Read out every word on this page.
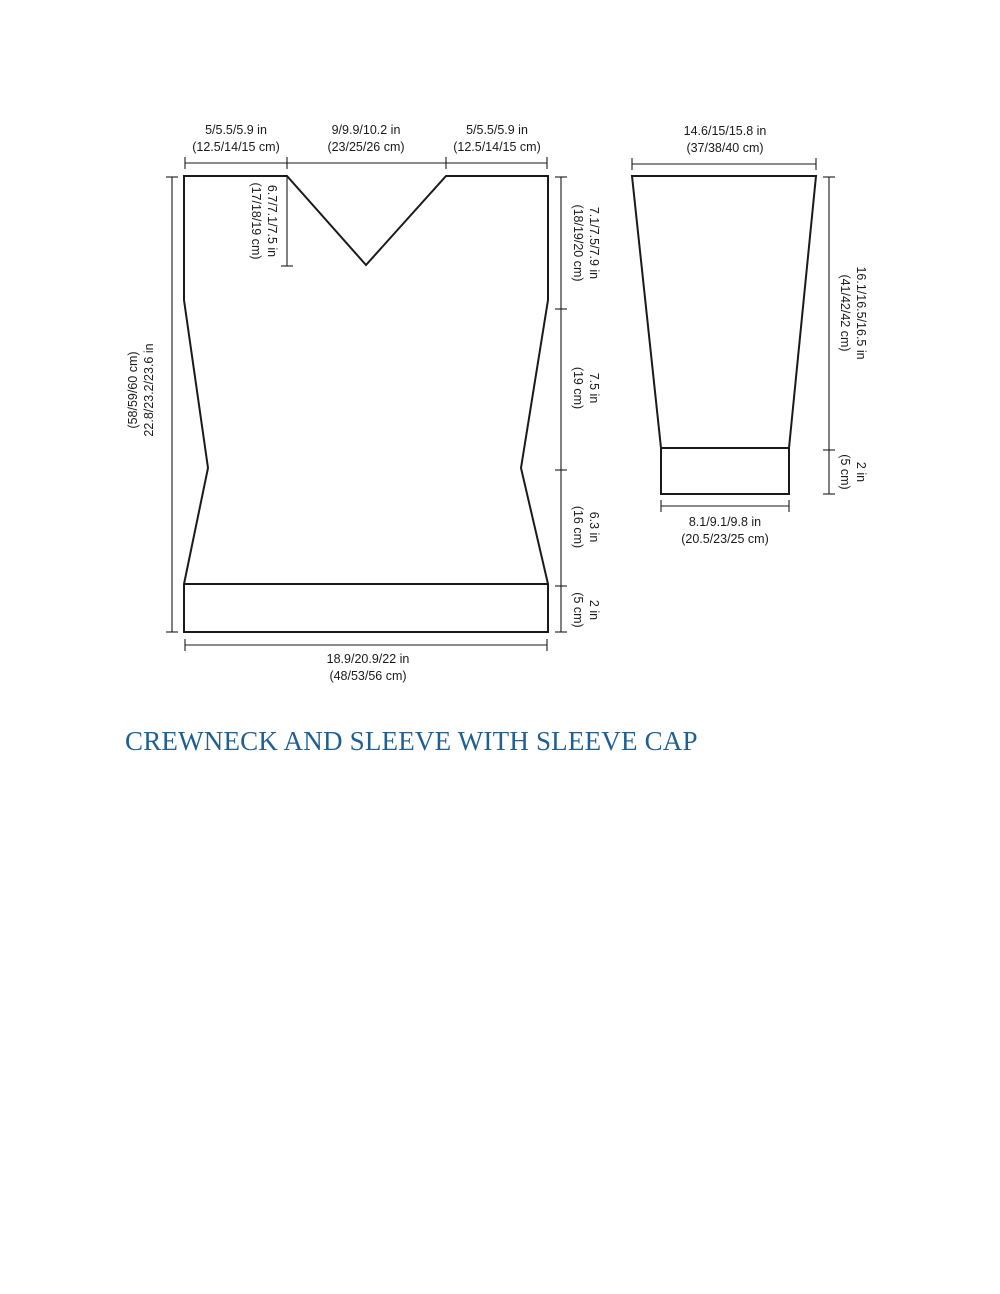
5/5.5/5.9 in
(12.5/14/15 cm)
9/9.9/10.2 in
(23/25/26 cm)
5/5.5/5.9 in
(12.5/14/15 cm)
6.7/7.1/7.5 in
(17/18/19 cm)
22.8/23.2/23.6 in
(58/59/60 cm)
7.1/7.5/7.9 in
(18/19/20 cm)
7.5 in
(19 cm)
6.3 in
(16 cm)
2 in
(5 cm)
18.9/20.9/22 in
(48/53/56 cm)
14.6/15/15.8 in
(37/38/40 cm)
16.1/16.5/16.5 in
(41/42/42 cm)
2 in
(5 cm)
8.1/9.1/9.8 in
(20.5/23/25 cm)
CREWNECK AND SLEEVE WITH SLEEVE CAP
